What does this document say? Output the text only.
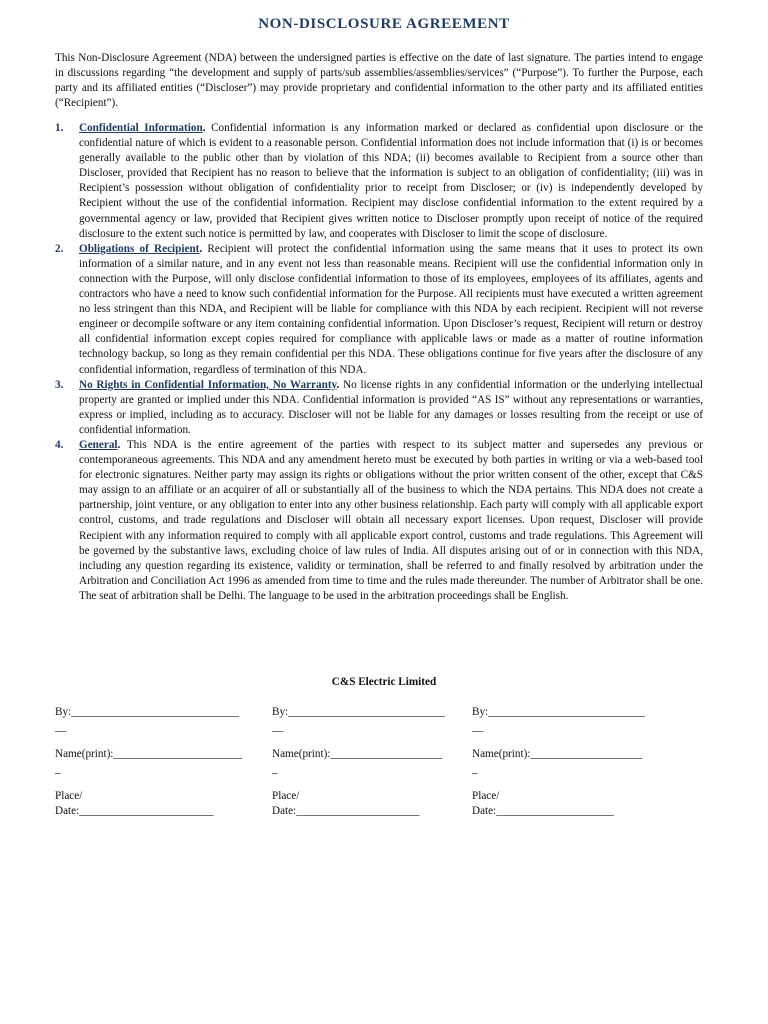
NON-DISCLOSURE AGREEMENT

This Non-Disclosure Agreement (NDA) between the undersigned parties is effective on the date of last signature. The parties intend to engage in discussions regarding “the development and supply of parts/sub assemblies/assemblies/services” (“Purpose”). To further the Purpose, each party and its affiliated entities (“Discloser”) may provide proprietary and confidential information to the other party and its affiliated entities (“Recipient”).

1. Confidential Information. Confidential information is any information marked or declared as confidential upon disclosure or the confidential nature of which is evident to a reasonable person. Confidential information does not include information that (i) is or becomes generally available to the public other than by violation of this NDA; (ii) becomes available to Recipient from a source other than Discloser, provided that Recipient has no reason to believe that the information is subject to an obligation of confidentiality; (iii) was in Recipient’s possession without obligation of confidentiality prior to receipt from Discloser; or (iv) is independently developed by Recipient without the use of the confidential information. Recipient may disclose confidential information to the extent required by a governmental agency or law, provided that Recipient gives written notice to Discloser promptly upon receipt of notice of the required disclosure to the extent such notice is permitted by law, and cooperates with Discloser to limit the scope of disclosure.
2. Obligations of Recipient. Recipient will protect the confidential information using the same means that it uses to protect its own information of a similar nature, and in any event not less than reasonable means. Recipient will use the confidential information only in connection with the Purpose, will only disclose confidential information to those of its employees, employees of its affiliates, agents and contractors who have a need to know such confidential information for the Purpose. All recipients must have executed a written agreement no less stringent than this NDA, and Recipient will be liable for compliance with this NDA by each recipient. Recipient will not reverse engineer or decompile software or any item containing confidential information. Upon Discloser’s request, Recipient will return or destroy all confidential information except copies required for compliance with applicable laws or made as a matter of routine information technology backup, so long as they remain confidential per this NDA. These obligations continue for five years after the disclosure of any confidential information, regardless of termination of this NDA.
3. No Rights in Confidential Information, No Warranty. No license rights in any confidential information or the underlying intellectual property are granted or implied under this NDA. Confidential information is provided “AS IS” without any representations or warranties, express or implied, including as to accuracy. Discloser will not be liable for any damages or losses resulting from the receipt or use of confidential information.
4. General. This NDA is the entire agreement of the parties with respect to its subject matter and supersedes any previous or contemporaneous agreements. This NDA and any amendment hereto must be executed by both parties in writing or via a web-based tool for electronic signatures. Neither party may assign its rights or obligations without the prior written consent of the other, except that C&S may assign to an affiliate or an acquirer of all or substantially all of the business to which the NDA pertains. This NDA does not create a partnership, joint venture, or any obligation to enter into any other business relationship. Each party will comply with all applicable export control, customs, and trade regulations and Discloser will obtain all necessary export licenses. Upon request, Discloser will provide Recipient with any information required to comply with all applicable export control, customs and trade regulations. This Agreement will be governed by the substantive laws, excluding choice of law rules of India. All disputes arising out of or in connection with this NDA, including any question regarding its existence, validity or termination, shall be referred to and finally resolved by arbitration under the Arbitration and Conciliation Act 1996 as amended from time to time and the rules made thereunder. The number of Arbitrator shall be one. The seat of arbitration shall be Delhi. The language to be used in the arbitration proceedings shall be English.
C&S Electric Limited
By:______________________________
__
Name(print):_______________________
_
Place/
Date:________________________
By:____________________________
__
Name(print):____________________
_
Place/
Date:______________________
By:____________________________
__
Name(print):____________________
_
Place/
Date:_____________________
